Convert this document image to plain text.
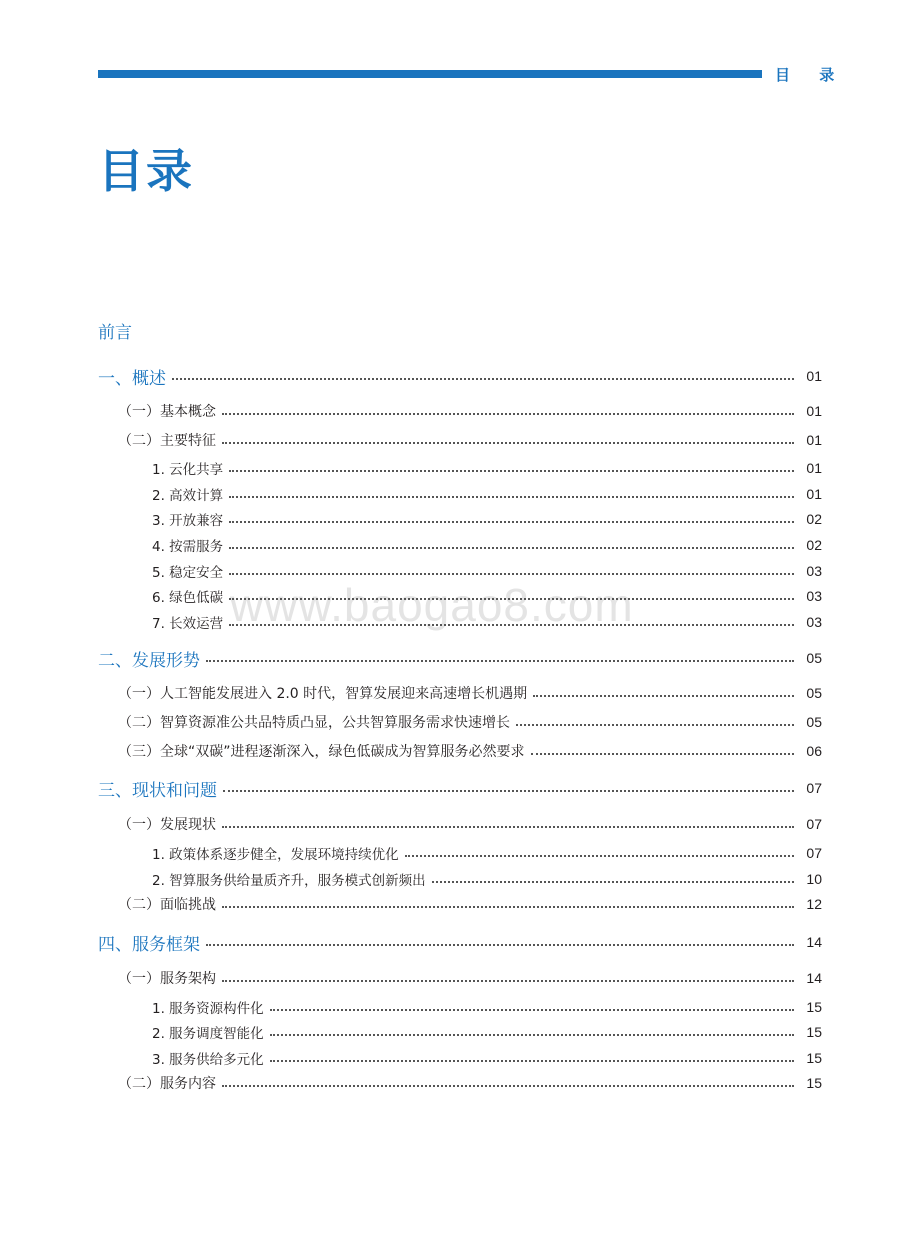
目 录
目录
www.baogao8.com
前言
一、概述	01
（一）基本概念	01
（二）主要特征	01
1. 云化共享	01
2. 高效计算	01
3. 开放兼容	02
4. 按需服务	02
5. 稳定安全	03
6. 绿色低碳	03
7. 长效运营	03
二、发展形势	05
（一）人工智能发展进入 2.0 时代，智算发展迎来高速增长机遇期	05
（二）智算资源准公共品特质凸显，公共智算服务需求快速增长	05
（三）全球“双碳”进程逐渐深入，绿色低碳成为智算服务必然要求	06
三、现状和问题	07
（一）发展现状	07
1. 政策体系逐步健全，发展环境持续优化	07
2. 智算服务供给量质齐升，服务模式创新频出	10
（二）面临挑战	12
四、服务框架	14
（一）服务架构	14
1. 服务资源构件化	15
2. 服务调度智能化	15
3. 服务供给多元化	15
（二）服务内容	15
